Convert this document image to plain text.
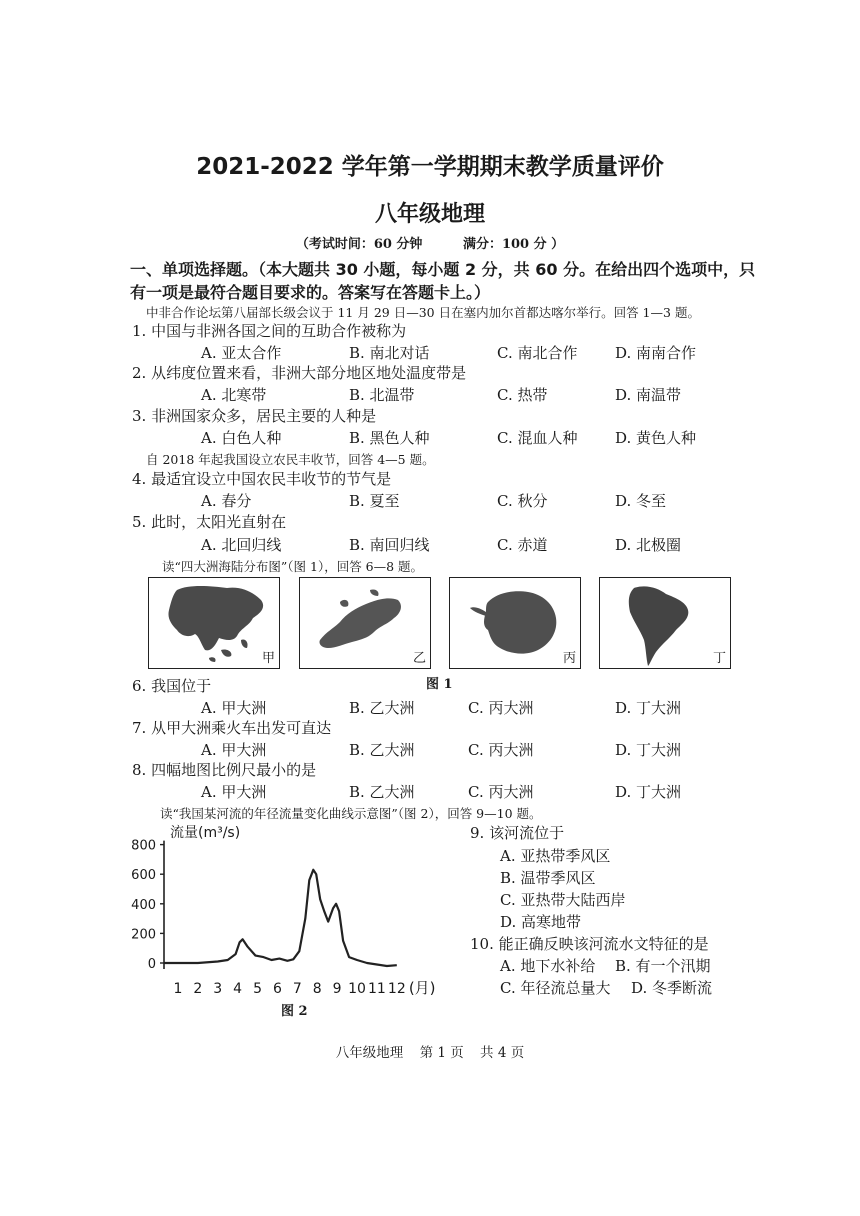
2021-2022 学年第一学期期末教学质量评价
八年级地理
（考试时间：60 分钟	满分：100 分 ）
一、单项选择题。（本大题共 30 小题，每小题 2 分，共 60 分。在给出四个选项中，只
有一项是最符合题目要求的。答案写在答题卡上。）
中非合作论坛第八届部长级会议于 11 月 29 日—30 日在塞内加尔首都达喀尔举行。回答 1—3 题。
1. 中国与非洲各国之间的互助合作被称为
A. 亚太合作	B. 南北对话	C. 南北合作	D. 南南合作
2. 从纬度位置来看，非洲大部分地区地处温度带是
A. 北寒带	B. 北温带	C. 热带	D. 南温带
3. 非洲国家众多，居民主要的人种是
A. 白色人种	B. 黑色人种	C. 混血人种	D. 黄色人种
自 2018 年起我国设立农民丰收节，回答 4—5 题。
4. 最适宜设立中国农民丰收节的节气是
A. 春分	B. 夏至	C. 秋分	D. 冬至
5. 此时，太阳光直射在
A. 北回归线	B. 南回归线	C. 赤道	D. 北极圈
读“四大洲海陆分布图”（图 1），回答 6—8 题。
甲	乙	丙	丁
图 1
6. 我国位于
A. 甲大洲	B. 乙大洲	C. 丙大洲	D. 丁大洲
7. 从甲大洲乘火车出发可直达
A. 甲大洲	B. 乙大洲	C. 丙大洲	D. 丁大洲
8. 四幅地图比例尺最小的是
A. 甲大洲	B. 乙大洲	C. 丙大洲	D. 丁大洲
读“我国某河流的年径流量变化曲线示意图”（图 2），回答 9—10 题。
流量(m³/s)
0
200
400
600
800
1 2 3 4 5 6 7 8 9 10 11 12 (月)
图 2
9. 该河流位于
A. 亚热带季风区
B. 温带季风区
C. 亚热带大陆西岸
D. 高寒地带
10. 能正确反映该河流水文特征的是
A. 地下水补给 B. 有一个汛期
C. 年径流总量大 D. 冬季断流
八年级地理 第 1 页 共 4 页
